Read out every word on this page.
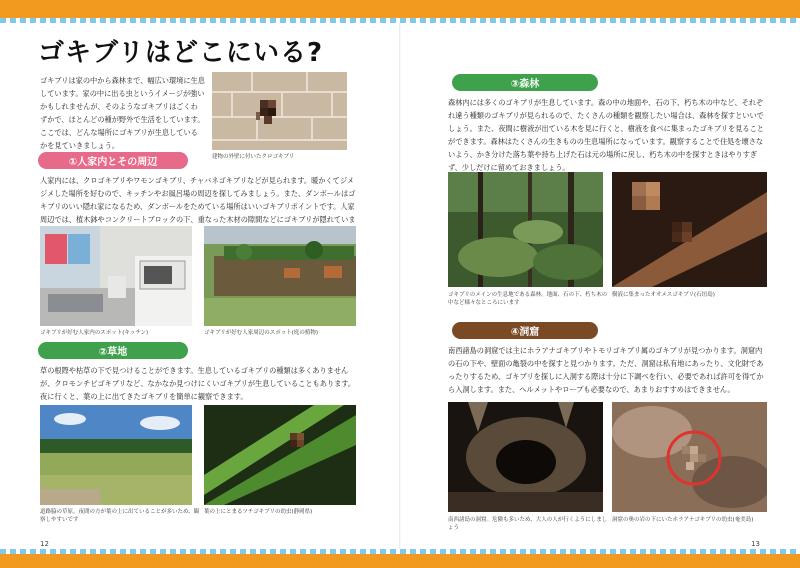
ゴキブリはどこにいる?

ゴキブリは家の中から森林まで、幅広い環境に生息しています。家の中に出る虫というイメージが強いかもしれませんが、そのようなゴキブリはごくわずかで、ほとんどの種が野外で生活をしています。ここでは、どんな場所にゴキブリが生息しているかを見ていきましょう。

建物の外壁に付いたクロゴキブリ

①人家内とその周辺

人家内には、クロゴキブリやワモンゴキブリ、チャバネゴキブリなどが見られます。暖かくてジメジメした場所を好むので、キッチンやお風呂場の周辺を探してみましょう。また、ダンボールはゴキブリのいい隠れ家になるため、ダンボールをためている場所はいいゴキブリポイントです。人家周辺では、植木鉢やコンクリートブロックの下、重なった木材の隙間などにゴキブリが隠れていま

ゴキブリが好む人家内のスポット(キッチン)	ゴキブリが好む人家周辺のスポット(庭の植物)

②草地

草の根際や枯草の下で見つけることができます。生息しているゴキブリの種類は多くありませんが、クロモンチビゴキブリなど、なかなか見つけにくいゴキブリが生息していることもあります。夜に行くと、葉の上に出てきたゴキブリを簡単に観察できます。

道路脇の草原。夜間の方が葉の上に出ていることが多いため、観察しやすいです

葉の上にとまるツチゴキブリの幼虫(静岡県)

12
③森林

森林内には多くのゴキブリが生息しています。森の中の地面や、石の下、朽ち木の中など、それぞれ違う種類のゴキブリが見られるので、たくさんの種類を観察したい場合は、森林を探すといいでしょう。また、夜間に樹液が出ている木を見に行くと、樹液を食べに集まったゴキブリを見ることができます。森林はたくさんの生きものの生息場所になっています。観察することで住処を壊さないよう、かき分けた落ち葉や持ち上げた石は元の場所に戻し、朽ち木の中を探すときはやりすぎず、少しだけに留めておきましょう。

ゴキブリのメインの生息地である森林。地面、石の下、朽ち木の中など様々なところにいます

樹液に集まったオオメスゴキブリ(石垣島)

④洞窟

南西諸島の洞窟では主にホラアナゴキブリやトモリゴキブリ属のゴキブリが見つかります。洞窟内の石の下や、壁面の亀裂の中を探すと見つかります。ただ、洞窟は私有地にあったり、文化財であったりするため、ゴキブリを探しに入洞する際は十分に下調べを行い、必要であれば許可を得てから入洞します。また、ヘルメットやロープも必要なので、あまりおすすめはできません。

南西諸島の洞窟。危険も多いため、大人の人が行くようにしましょう

洞窟の奥の岩の下にいたホラアナゴキブリの幼虫(奄美島)

13
